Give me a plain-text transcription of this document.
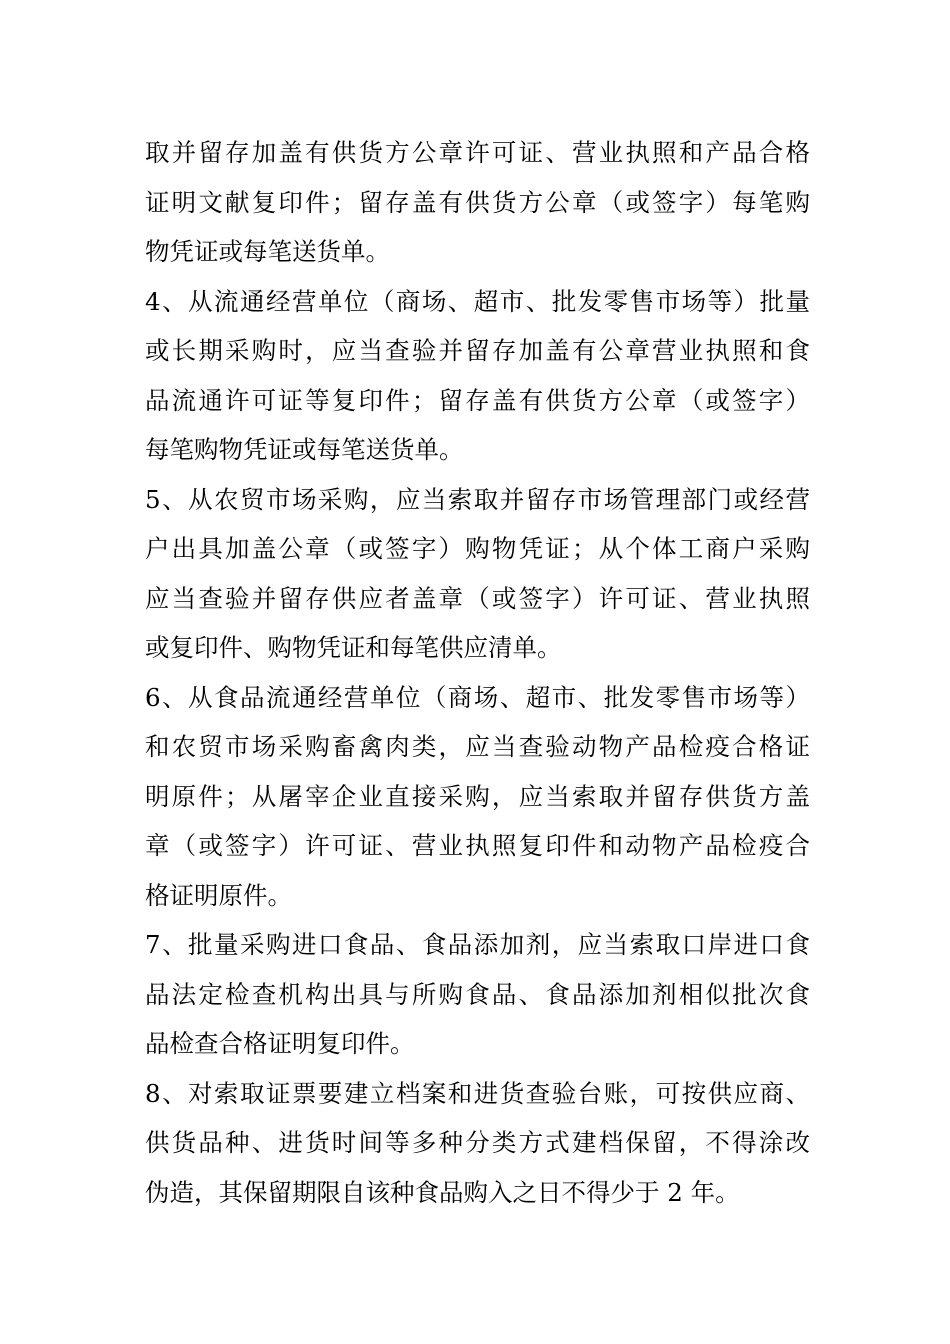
取并留存加盖有供货方公章许可证、营业执照和产品合格
证明文献复印件；留存盖有供货方公章（或签字）每笔购
物凭证或每笔送货单。
4、从流通经营单位（商场、超市、批发零售市场等）批量
或长期采购时，应当查验并留存加盖有公章营业执照和食
品流通许可证等复印件；留存盖有供货方公章（或签字）
每笔购物凭证或每笔送货单。
5、从农贸市场采购，应当索取并留存市场管理部门或经营
户出具加盖公章（或签字）购物凭证；从个体工商户采购
应当查验并留存供应者盖章（或签字）许可证、营业执照
或复印件、购物凭证和每笔供应清单。
6、从食品流通经营单位（商场、超市、批发零售市场等）
和农贸市场采购畜禽肉类，应当查验动物产品检疫合格证
明原件；从屠宰企业直接采购，应当索取并留存供货方盖
章（或签字）许可证、营业执照复印件和动物产品检疫合
格证明原件。
7、批量采购进口食品、食品添加剂，应当索取口岸进口食
品法定检查机构出具与所购食品、食品添加剂相似批次食
品检查合格证明复印件。
8、对索取证票要建立档案和进货查验台账，可按供应商、
供货品种、进货时间等多种分类方式建档保留，不得涂改
伪造，其保留期限自该种食品购入之日不得少于 2 年。
